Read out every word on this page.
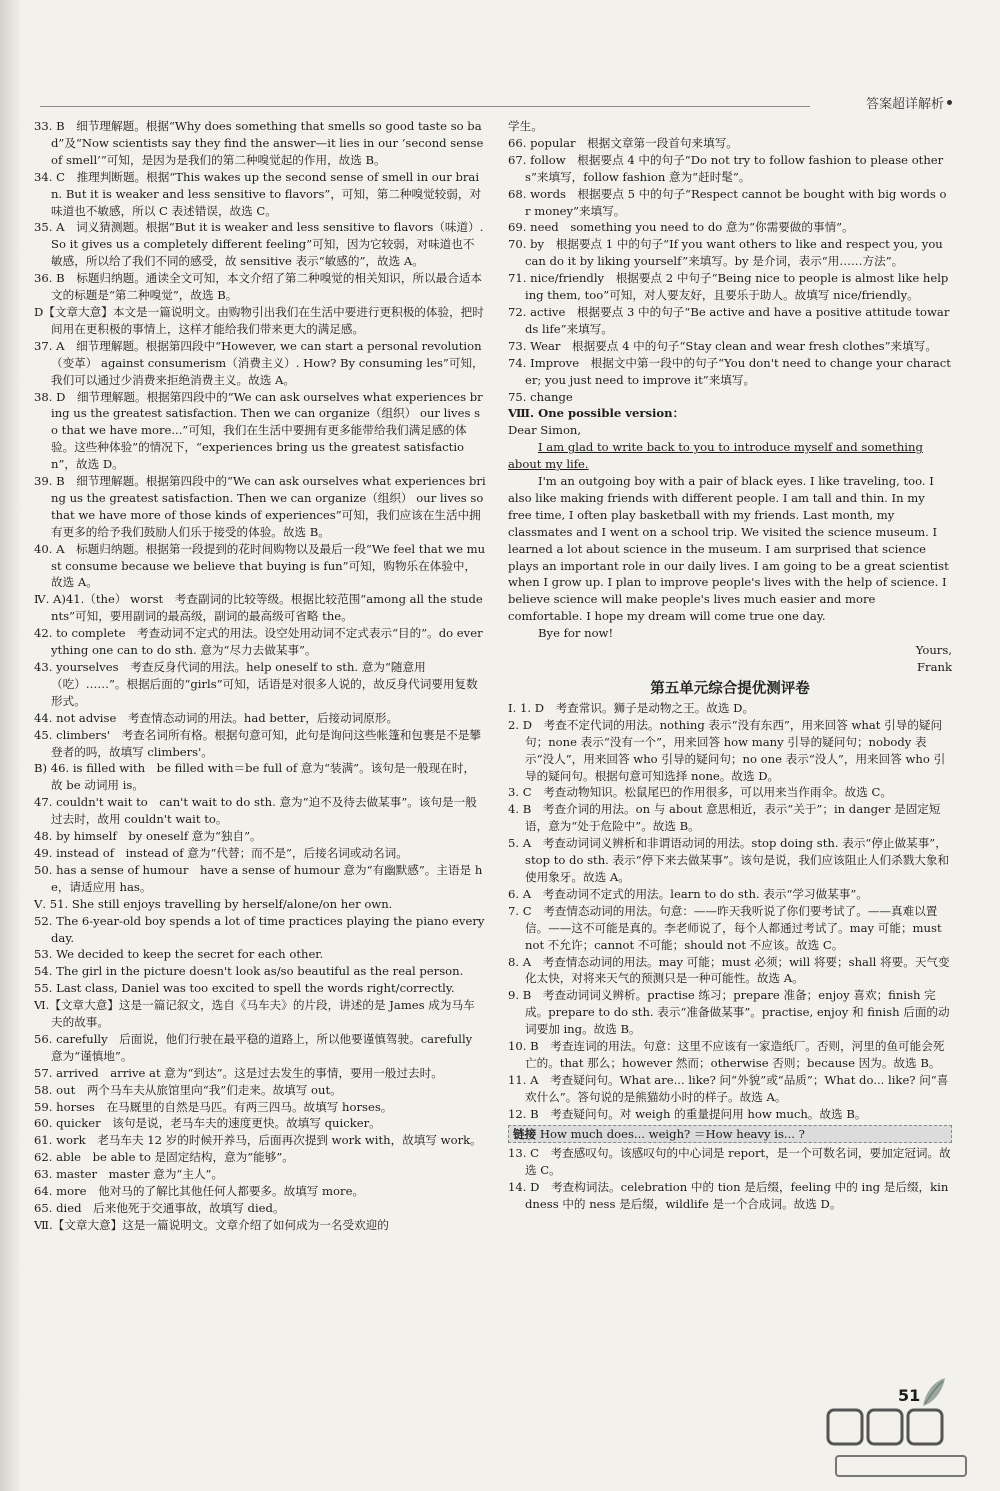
答案超详解析

33. B　细节理解题。根据“Why does something that smells so good taste so bad”及“Now scientists say they find the answer—it lies in our ‘second sense of smell’”可知，是因为是我们的第二种嗅觉起的作用，故选 B。

34. C　推理判断题。根据“This wakes up the second sense of smell in our brain. But it is weaker and less sensitive to flavors”，可知，第二种嗅觉较弱，对味道也不敏感，所以 C 表述错误，故选 C。

35. A　词义猜测题。根据“But it is weaker and less sensitive to flavors（味道）. So it gives us a completely different feeling”可知，因为它较弱，对味道也不敏感，所以给了我们不同的感受，故 sensitive 表示“敏感的”，故选 A。

36. B　标题归纳题。通读全文可知，本文介绍了第二种嗅觉的相关知识，所以最合适本文的标题是“第二种嗅觉”，故选 B。

D【文章大意】本文是一篇说明文。由购物引出我们在生活中要进行更积极的体验，把时间用在更积极的事情上，这样才能给我们带来更大的满足感。

37. A　细节理解题。根据第四段中“However, we can start a personal revolution（变革） against consumerism（消费主义）. How? By consuming les”可知，我们可以通过少消费来拒绝消费主义。故选 A。

38. D　细节理解题。根据第四段中的“We can ask ourselves what experiences bring us the greatest satisfaction. Then we can organize（组织） our lives so that we have more...”可知，我们在生活中要拥有更多能带给我们满足感的体验。这些种体验”的情况下，“experiences bring us the greatest satisfaction”，故选 D。

39. B　细节理解题。根据第四段中的“We can ask ourselves what experiences bring us the greatest satisfaction. Then we can organize（组织） our lives so that we have more of those kinds of experiences”可知，我们应该在生活中拥有更多的给予我们鼓励人们乐于接受的体验。故选 B。

40. A　标题归纳题。根据第一段提到的花时间购物以及最后一段“We feel that we must consume because we believe that buying is fun”可知，购物乐在体验中，故选 A。

Ⅳ. A)41.（the） worst　考查副词的比较等级。根据比较范围“among all the students”可知，要用副词的最高级，副词的最高级可省略 the。

42. to complete　考查动词不定式的用法。设空处用动词不定式表示“目的”。do everything one can to do sth. 意为“尽力去做某事”。

43. yourselves　考查反身代词的用法。help oneself to sth. 意为“随意用（吃）……”。根据后面的“girls”可知，话语是对很多人说的，故反身代词要用复数形式。

44. not advise　考查情态动词的用法。had better，后接动词原形。

45. climbers'　考查名词所有格。根据句意可知，此句是询问这些帐篷和包裹是不是攀登者的吗，故填写 climbers'。

B) 46. is filled with　be filled with＝be full of 意为“装满”。该句是一般现在时，故 be 动词用 is。

47. couldn't wait to　can't wait to do sth. 意为“迫不及待去做某事”。该句是一般过去时，故用 couldn't wait to。

48. by himself　by oneself 意为“独自”。

49. instead of　instead of 意为“代替；而不是”，后接名词或动名词。

50. has a sense of humour　have a sense of humour 意为“有幽默感”。主语是 he，请适应用 has。

Ⅴ. 51. She still enjoys travelling by herself/alone/on her own.

52. The 6-year-old boy spends a lot of time practices playing the piano every day.

53. We decided to keep the secret for each other.

54. The girl in the picture doesn't look as/so beautiful as the real person.

55. Last class, Daniel was too excited to spell the words right/correctly.

Ⅵ.【文章大意】这是一篇记叙文，选自《马车夫》的片段，讲述的是 James 成为马车夫的故事。

56. carefully　后面说，他们行驶在最平稳的道路上，所以他要谨慎驾驶。carefully 意为“谨慎地”。

57. arrived　arrive at 意为“到达”。这是过去发生的事情，要用一般过去时。

58. out　两个马车夫从旅馆里向“我”们走来。故填写 out。

59. horses　在马厩里的自然是马匹。有两三四马。故填写 horses。

60. quicker　该句是说，老马车夫的速度更快。故填写 quicker。

61. work　老马车夫 12 岁的时候开养马，后面再次提到 work with，故填写 work。

62. able　be able to 是固定结构，意为“能够”。

63. master　master 意为“主人”。

64. more　他对马的了解比其他任何人都要多。故填写 more。

65. died　后来他死于交通事故，故填写 died。

Ⅶ.【文章大意】这是一篇说明文。文章介绍了如何成为一名受欢迎的

学生。

66. popular　根据文章第一段首句来填写。

67. follow　根据要点 4 中的句子“Do not try to follow fashion to please others”来填写，follow fashion 意为“赶时髦”。

68. words　根据要点 5 中的句子“Respect cannot be bought with big words or money”来填写。

69. need　something you need to do 意为“你需要做的事情”。

70. by　根据要点 1 中的句子“If you want others to like and respect you, you can do it by liking yourself”来填写。by 是介词，表示“用……方法”。

71. nice/friendly　根据要点 2 中句子“Being nice to people is almost like helping them, too”可知，对人要友好，且要乐于助人。故填写 nice/friendly。

72. active　根据要点 3 中的句子“Be active and have a positive attitude towards life”来填写。

73. Wear　根据要点 4 中的句子“Stay clean and wear fresh clothes”来填写。

74. Improve　根据文中第一段中的句子“You don't need to change your character; you just need to improve it”来填写。

75. change

Ⅷ. One possible version：

Dear Simon,

I am glad to write back to you to introduce myself and something about my life.

I'm an outgoing boy with a pair of black eyes. I like traveling, too. I also like making friends with different people. I am tall and thin. In my free time, I often play basketball with my friends. Last month, my classmates and I went on a school trip. We visited the science museum. I learned a lot about science in the museum. I am surprised that science plays an important role in our daily lives. I am going to be a great scientist when I grow up. I plan to improve people's lives with the help of science. I believe science will make people's lives much easier and more comfortable. I hope my dream will come true one day.

Bye for now!

Yours,

Frank

第五单元综合提优测评卷

Ⅰ. 1. D　考查常识。狮子是动物之王。故选 D。

2. D　考查不定代词的用法。nothing 表示“没有东西”，用来回答 what 引导的疑问句；none 表示“没有一个”，用来回答 how many 引导的疑问句；nobody 表示“没人”，用来回答 who 引导的疑问句；no one 表示“没人”，用来回答 who 引导的疑问句。根据句意可知选择 none。故选 D。

3. C　考查动物知识。松鼠尾巴的作用很多，可以用来当作雨伞。故选 C。

4. B　考查介词的用法。on 与 about 意思相近，表示“关于”；in danger 是固定短语，意为“处于危险中”。故选 B。

5. A　考查动词词义辨析和非谓语动词的用法。stop doing sth. 表示“停止做某事”，stop to do sth. 表示“停下来去做某事”。该句是说，我们应该阻止人们杀戮大象和使用象牙。故选 A。

6. A　考查动词不定式的用法。learn to do sth. 表示“学习做某事”。

7. C　考查情态动词的用法。句意：——昨天我听说了你们要考试了。——真难以置信。——这不可能是真的。李老师说了，每个人都通过考试了。may 可能；must not 不允许；cannot 不可能；should not 不应该。故选 C。

8. A　考查情态动词的用法。may 可能；must 必须；will 将要；shall 将要。天气变化太快，对将来天气的预测只是一种可能性。故选 A。

9. B　考查动词词义辨析。practise 练习；prepare 准备；enjoy 喜欢；finish 完成。prepare to do sth. 表示“准备做某事”。practise, enjoy 和 finish 后面的动词要加 ing。故选 B。

10. B　考查连词的用法。句意：这里不应该有一家造纸厂。否则，河里的鱼可能会死亡的。that 那么；however 然而；otherwise 否则；because 因为。故选 B。

11. A　考查疑问句。What are... like? 问“外貌”或“品质”；What do... like? 问“喜欢什么”。答句说的是熊猫幼小时的样子。故选 A。

12. B　考查疑问句。对 weigh 的重量提问用 how much。故选 B。

链接 How much does... weigh? ＝How heavy is... ?

13. C　考查感叹句。该感叹句的中心词是 report，是一个可数名词，要加定冠词。故选 C。

14. D　考查构词法。celebration 中的 tion 是后缀，feeling 中的 ing 是后缀，kindness 中的 ness 是后缀，wildlife 是一个合成词。故选 D。

51
